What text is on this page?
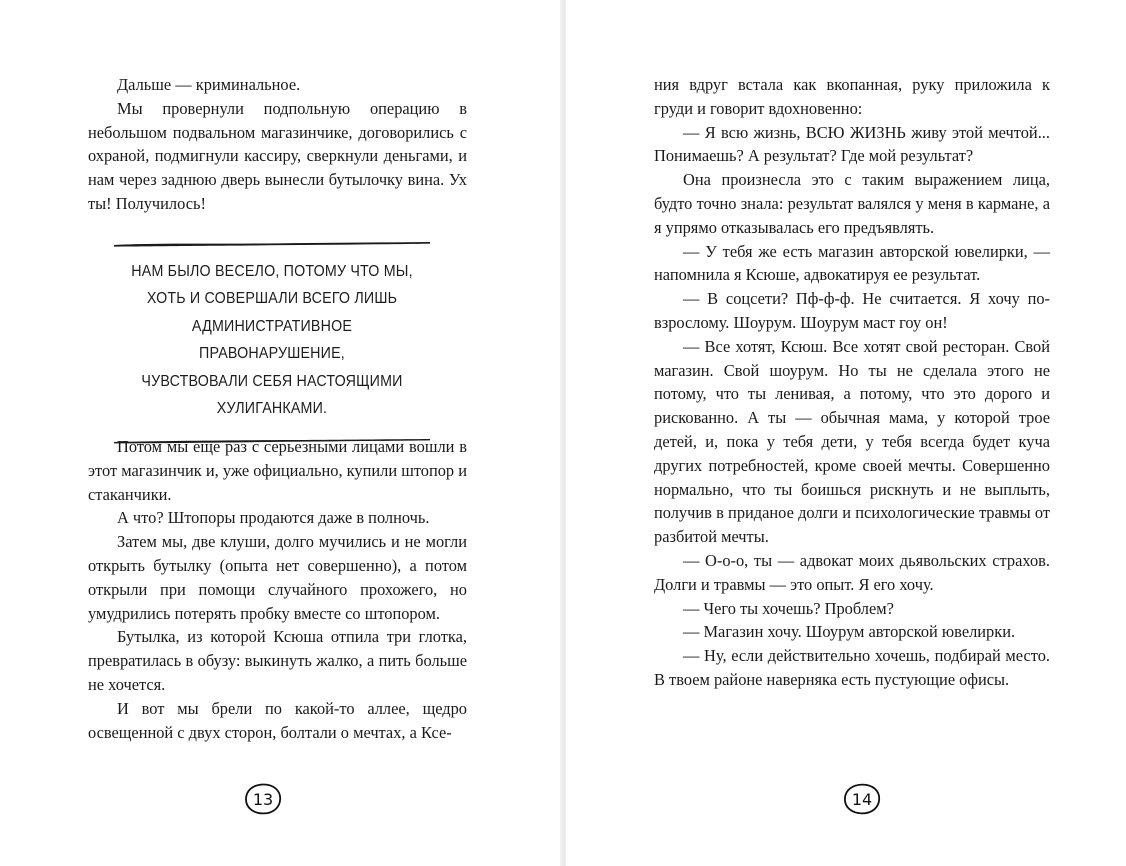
Дальше — криминальное.

Мы провернули подпольную операцию в небольшом подвальном магазинчике, договорились с охраной, подмигнули кассиру, сверкнули деньгами, и нам через заднюю дверь вынесли бутылочку вина. Ух ты! Получилось!

НАМ БЫЛО ВЕСЕЛО, ПОТОМУ ЧТО МЫ,
ХОТЬ И СОВЕРШАЛИ ВСЕГО ЛИШЬ
АДМИНИСТРАТИВНОЕ ПРАВОНАРУШЕНИЕ,
ЧУВСТВОВАЛИ СЕБЯ НАСТОЯЩИМИ
ХУЛИГАНКАМИ.

Потом мы еще раз с серьезными лицами вошли в этот магазинчик и, уже официально, купили штопор и стаканчики.

А что? Штопоры продаются даже в полночь.

Затем мы, две клуши, долго мучились и не могли открыть бутылку (опыта нет совершенно), а потом открыли при помощи случайного прохожего, но умудрились потерять пробку вместе со штопором.

Бутылка, из которой Ксюша отпила три глотка, превратилась в обузу: выкинуть жалко, а пить больше не хочется.

И вот мы брели по какой-то аллее, щедро освещенной с двух сторон, болтали о мечтах, а Ксе-

13

ния вдруг встала как вкопанная, руку приложила к груди и говорит вдохновенно:

— Я всю жизнь, ВСЮ ЖИЗНЬ живу этой мечтой... Понимаешь? А результат? Где мой результат?

Она произнесла это с таким выражением лица, будто точно знала: результат валялся у меня в кармане, а я упрямо отказывалась его предъявлять.

— У тебя же есть магазин авторской ювелирки, — напомнила я Ксюше, адвокатируя ее результат.

— В соцсети? Пф-ф-ф. Не считается. Я хочу по-взрослому. Шоурум. Шоурум маст гоу он!

— Все хотят, Ксюш. Все хотят свой ресторан. Свой магазин. Свой шоурум. Но ты не сделала этого не потому, что ты ленивая, а потому, что это дорого и рискованно. А ты — обычная мама, у которой трое детей, и, пока у тебя дети, у тебя всегда будет куча других потребностей, кроме своей мечты. Совершенно нормально, что ты боишься рискнуть и не выплыть, получив в приданое долги и психологические травмы от разбитой мечты.

— О-о-о, ты — адвокат моих дьявольских страхов. Долги и травмы — это опыт. Я его хочу.

— Чего ты хочешь? Проблем?

— Магазин хочу. Шоурум авторской ювелирки.

— Ну, если действительно хочешь, подбирай место. В твоем районе наверняка есть пустующие офисы.

14
